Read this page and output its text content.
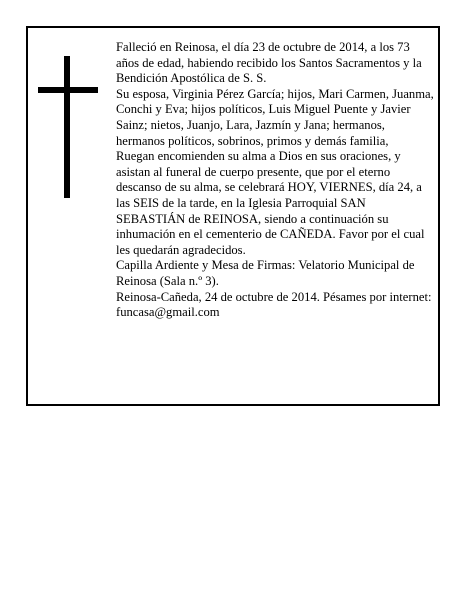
Falleció en Reinosa, el día 23 de octubre de 2014, a los 73 años de edad, habiendo recibido los Santos Sacramentos y la Bendición Apostólica de S. S.

Su esposa, Virginia Pérez García; hijos, Mari Carmen, Juanma, Conchi y Eva; hijos políticos, Luis Miguel Puente y Javier Sainz; nietos, Juanjo, Lara, Jazmín y Jana; hermanos, hermanos políticos, sobrinos, primos y demás familia,

Ruegan encomienden su alma a Dios en sus oraciones, y asistan al funeral de cuerpo presente, que por el eterno descanso de su alma, se celebrará HOY, VIERNES, día 24, a las SEIS de la tarde, en la Iglesia Parroquial SAN SEBASTIÁN de REINOSA, siendo a continuación su inhumación en el cementerio de CAÑEDA. Favor por el cual les quedarán agradecidos.

Capilla Ardiente y Mesa de Firmas: Velatorio Municipal de Reinosa (Sala n.º 3).

Reinosa-Cañeda, 24 de octubre de 2014. Pésames por internet: funcasa@gmail.com
